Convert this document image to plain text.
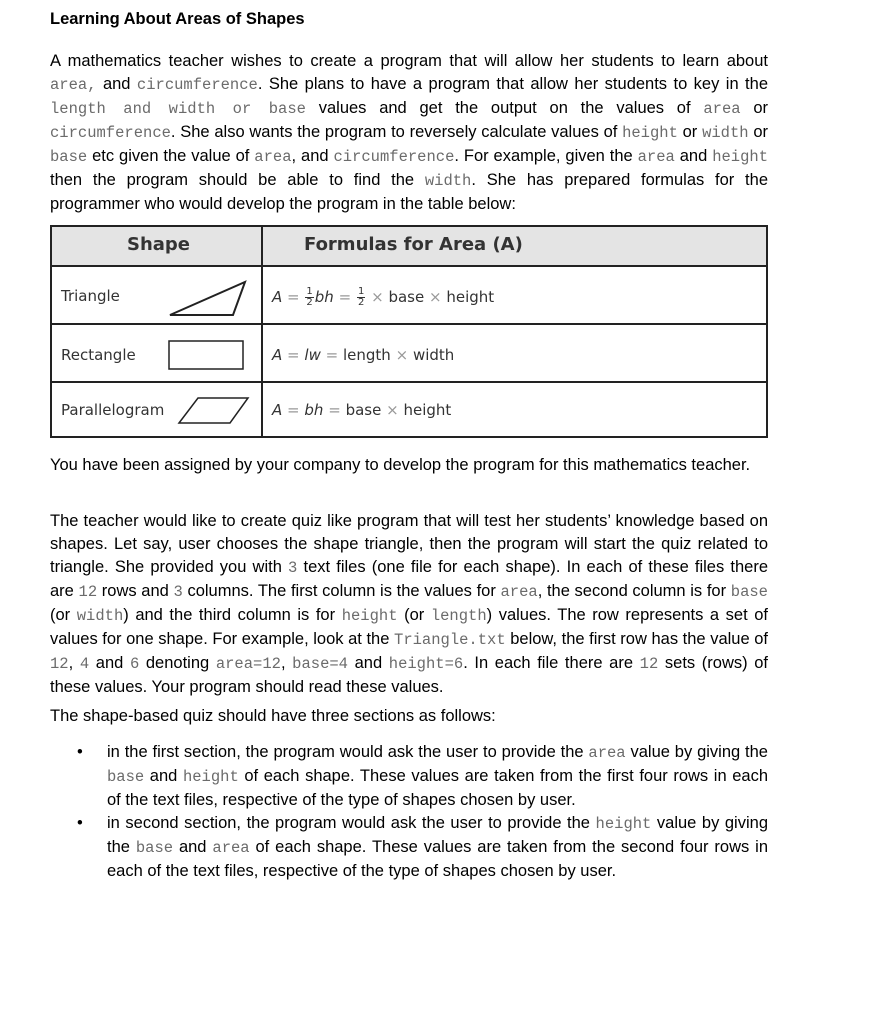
Learning About Areas of Shapes

A mathematics teacher wishes to create a program that will allow her students to learn about area, and circumference. She plans to have a program that allow her students to key in the length and width or base values and get the output on the values of area or circumference. She also wants the program to reversely calculate values of height or width or base etc given the value of area, and circumference. For example, given the area and height then the program should be able to find the width. She has prepared formulas for the programmer who would develop the program in the table below:

Shape	Formulas for Area (A)
Triangle	$A = \frac{1}{2}$ bh = $\frac{1}{2}$ × base × height
Rectangle	A = lw = length × width
Parallelogram	A = bh = base × height

You have been assigned by your company to develop the program for this mathematics teacher.

The teacher would like to create quiz like program that will test her students’ knowledge based on shapes. Let say, user chooses the shape triangle, then the program will start the quiz related to triangle. She provided you with 3 text files (one file for each shape). In each of these files there are 12 rows and 3 columns. The first column is the values for area, the second column is for base (or width) and the third column is for height (or length) values. The row represents a set of values for one shape. For example, look at the Triangle.txt below, the first row has the value of 12, 4 and 6 denoting area=12, base=4 and height=6. In each file there are 12 sets (rows) of these values. Your program should read these values.

The shape-based quiz should have three sections as follows:

• in the first section, the program would ask the user to provide the area value by giving the base and height of each shape. These values are taken from the first four rows in each of the text files, respective of the type of shapes chosen by user.
• in second section, the program would ask the user to provide the height value by giving the base and area of each shape. These values are taken from the second four rows in each of the text files, respective of the type of shapes chosen by user.
